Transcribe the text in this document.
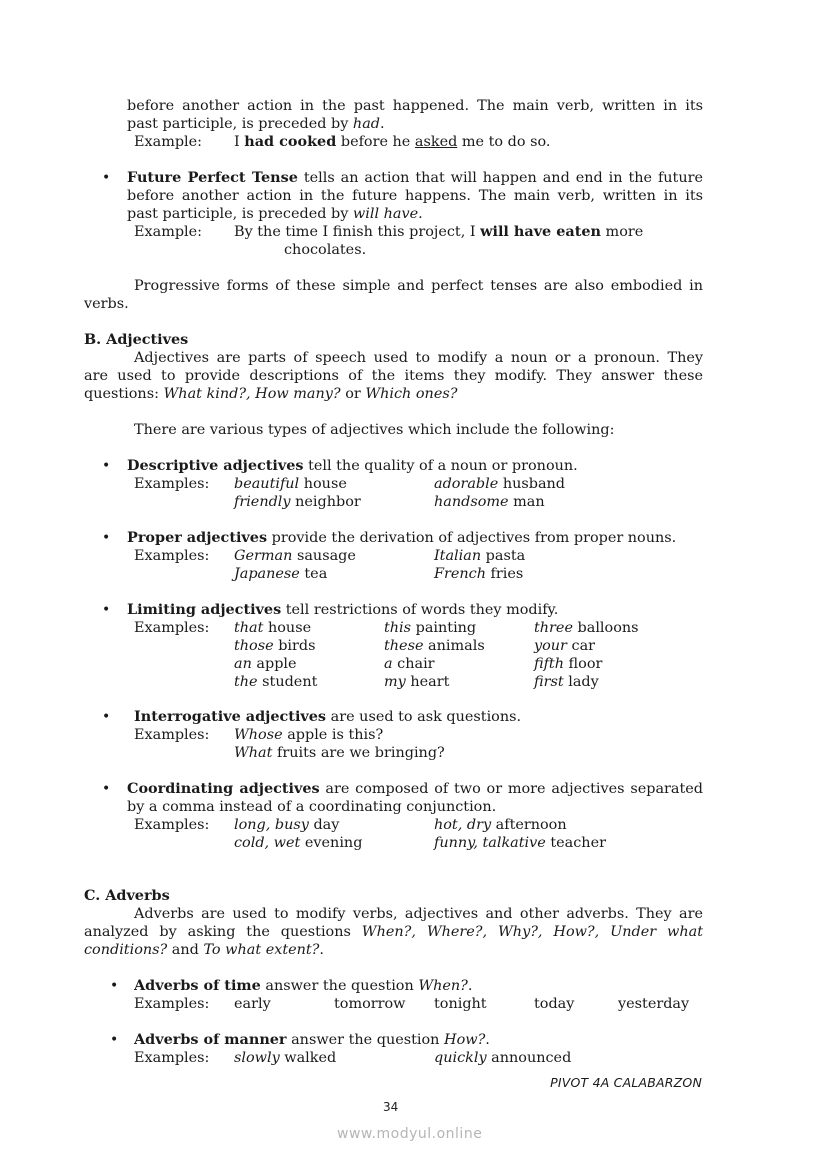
before another action in the past happened. The main verb, written in its
past participle, is preceded by had.
Example: I had cooked before he asked me to do so.
• Future Perfect Tense tells an action that will happen and end in the future
before another action in the future happens. The main verb, written in its
past participle, is preceded by will have.
Example: By the time I finish this project, I will have eaten more
chocolates.
Progressive forms of these simple and perfect tenses are also embodied in
verbs.
B. Adjectives
Adjectives are parts of speech used to modify a noun or a pronoun. They
are used to provide descriptions of the items they modify. They answer these
questions: What kind?, How many? or Which ones?
There are various types of adjectives which include the following:
• Descriptive adjectives tell the quality of a noun or pronoun.
Examples: beautiful house	adorable husband
friendly neighbor	handsome man
• Proper adjectives provide the derivation of adjectives from proper nouns.
Examples: German sausage	Italian pasta
Japanese tea	French fries
• Limiting adjectives tell restrictions of words they modify.
Examples: that house	this painting	three balloons
those birds	these animals	your car
an apple	a chair	fifth floor
the student	my heart	first lady
• Interrogative adjectives are used to ask questions.
Examples: Whose apple is this?
What fruits are we bringing?
• Coordinating adjectives are composed of two or more adjectives separated
by a comma instead of a coordinating conjunction.
Examples: long, busy day	hot, dry afternoon
cold, wet evening	funny, talkative teacher
C. Adverbs
Adverbs are used to modify verbs, adjectives and other adverbs. They are
analyzed by asking the questions When?, Where?, Why?, How?, Under what
conditions? and To what extent?.
• Adverbs of time answer the question When?.
Examples: early	tomorrow tonight	today	yesterday
• Adverbs of manner answer the question How?.
Examples: slowly walked	quickly announced
PIVOT 4A CALABARZON
34
www.modyul.online
